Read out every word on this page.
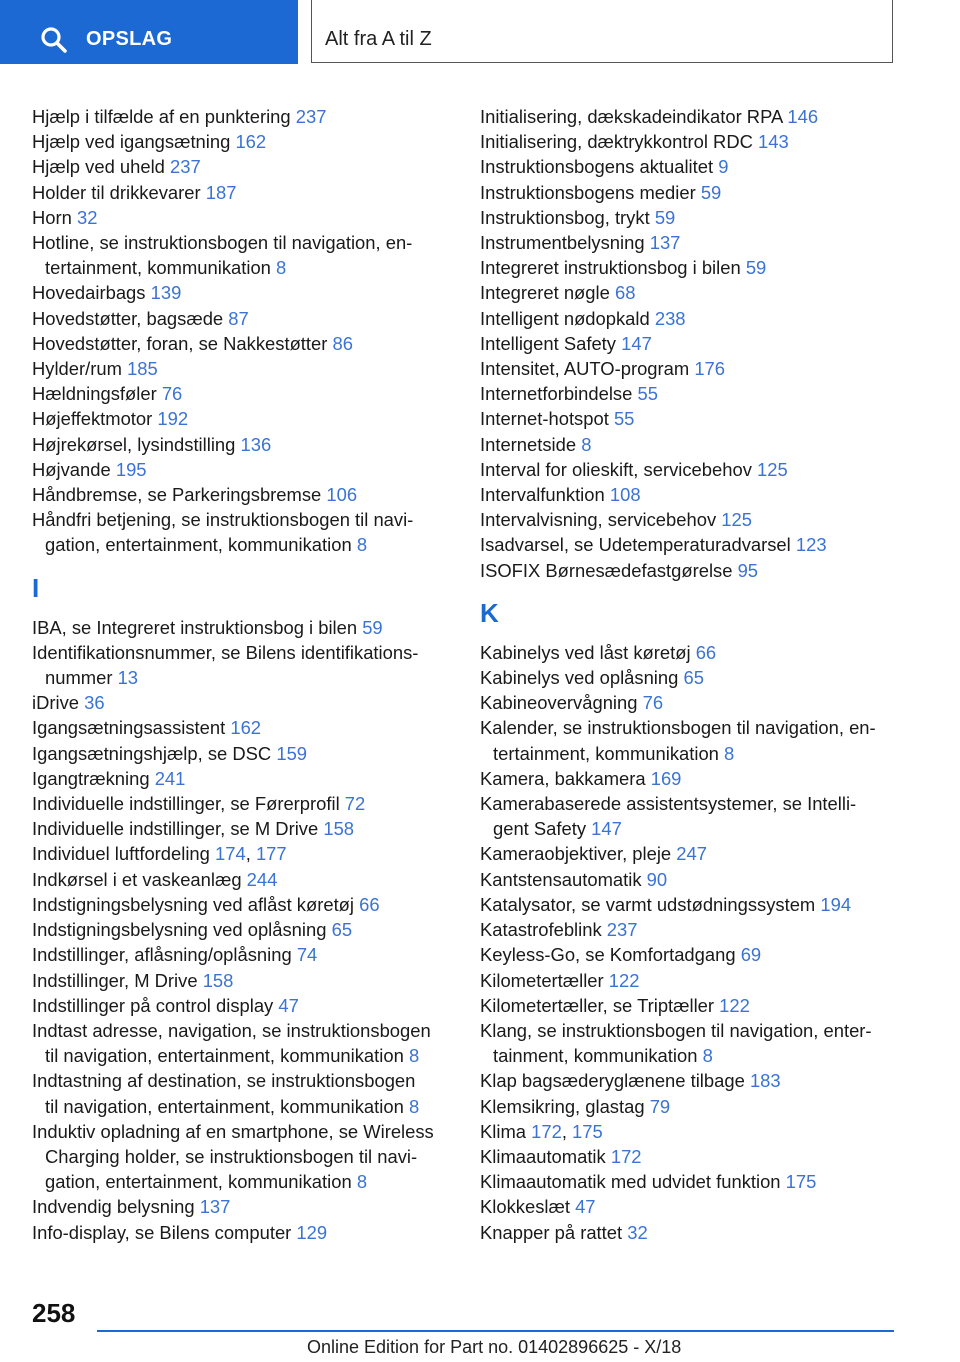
OPSLAG	Alt fra A til Z
Hjælp i tilfælde af en punktering 237
Hjælp ved igangsætning 162
Hjælp ved uheld 237
Holder til drikkevarer 187
Horn 32
Hotline, se instruktionsbogen til navigation, en-
tertainment, kommunikation 8
Hovedairbags 139
Hovedstøtter, bagsæde 87
Hovedstøtter, foran, se Nakkestøtter 86
Hylder/rum 185
Hældningsføler 76
Højeffektmotor 192
Højrekørsel, lysindstilling 136
Højvande 195
Håndbremse, se Parkeringsbremse 106
Håndfri betjening, se instruktionsbogen til navi-
gation, entertainment, kommunikation 8
I
IBA, se Integreret instruktionsbog i bilen 59
Identifikationsnummer, se Bilens identifikations-
nummer 13
iDrive 36
Igangsætningsassistent 162
Igangsætningshjælp, se DSC 159
Igangtrækning 241
Individuelle indstillinger, se Førerprofil 72
Individuelle indstillinger, se M Drive 158
Individuel luftfordeling 174, 177
Indkørsel i et vaskeanlæg 244
Indstigningsbelysning ved aflåst køretøj 66
Indstigningsbelysning ved oplåsning 65
Indstillinger, aflåsning/oplåsning 74
Indstillinger, M Drive 158
Indstillinger på control display 47
Indtast adresse, navigation, se instruktionsbogen
til navigation, entertainment, kommunikation 8
Indtastning af destination, se instruktionsbogen
til navigation, entertainment, kommunikation 8
Induktiv opladning af en smartphone, se Wireless
Charging holder, se instruktionsbogen til navi-
gation, entertainment, kommunikation 8
Indvendig belysning 137
Info-display, se Bilens computer 129
Initialisering, dækskadeindikator RPA 146
Initialisering, dæktrykkontrol RDC 143
Instruktionsbogens aktualitet 9
Instruktionsbogens medier 59
Instruktionsbog, trykt 59
Instrumentbelysning 137
Integreret instruktionsbog i bilen 59
Integreret nøgle 68
Intelligent nødopkald 238
Intelligent Safety 147
Intensitet, AUTO-program 176
Internetforbindelse 55
Internet-hotspot 55
Internetside 8
Interval for olieskift, servicebehov 125
Intervalfunktion 108
Intervalvisning, servicebehov 125
Isadvarsel, se Udetemperaturadvarsel 123
ISOFIX Børnesædefastgørelse 95
K
Kabinelys ved låst køretøj 66
Kabinelys ved oplåsning 65
Kabineovervågning 76
Kalender, se instruktionsbogen til navigation, en-
tertainment, kommunikation 8
Kamera, bakkamera 169
Kamerabaserede assistentsystemer, se Intelli-
gent Safety 147
Kameraobjektiver, pleje 247
Kantstensautomatik 90
Katalysator, se varmt udstødningssystem 194
Katastrofeblink 237
Keyless-Go, se Komfortadgang 69
Kilometertæller 122
Kilometertæller, se Triptæller 122
Klang, se instruktionsbogen til navigation, enter-
tainment, kommunikation 8
Klap bagsæderyglænene tilbage 183
Klemsikring, glastag 79
Klima 172, 175
Klimaautomatik 172
Klimaautomatik med udvidet funktion 175
Klokkeslæt 47
Knapper på rattet 32
258
Online Edition for Part no. 01402896625 - X/18
